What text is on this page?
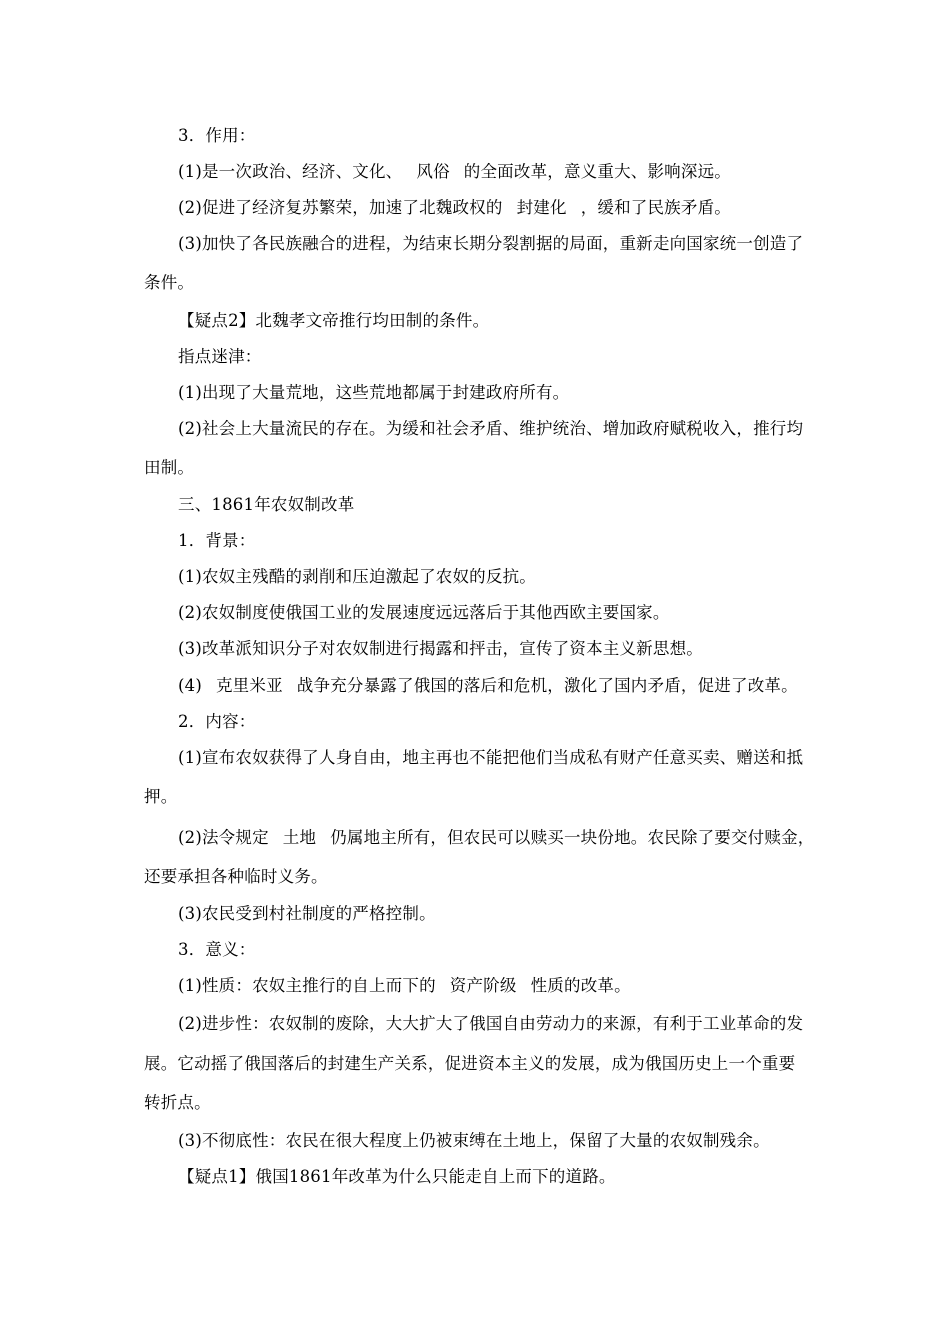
3．作用：
(1)是一次政治、经济、文化、 风俗 的全面改革，意义重大、影响深远。
(2)促进了经济复苏繁荣，加速了北魏政权的 封建化 ，缓和了民族矛盾。
(3)加快了各民族融合的进程，为结束长期分裂割据的局面，重新走向国家统一创造了
条件。
【疑点2】北魏孝文帝推行均田制的条件。
指点迷津：
(1)出现了大量荒地，这些荒地都属于封建政府所有。
(2)社会上大量流民的存在。为缓和社会矛盾、维护统治、增加政府赋税收入，推行均
田制。
三、1861年农奴制改革
1．背景：
(1)农奴主残酷的剥削和压迫激起了农奴的反抗。
(2)农奴制度使俄国工业的发展速度远远落后于其他西欧主要国家。
(3)改革派知识分子对农奴制进行揭露和抨击，宣传了资本主义新思想。
(4) 克里米亚 战争充分暴露了俄国的落后和危机，激化了国内矛盾，促进了改革。
2．内容：
(1)宣布农奴获得了人身自由，地主再也不能把他们当成私有财产任意买卖、赠送和抵
押。
(2)法令规定 土地 仍属地主所有，但农民可以赎买一块份地。农民除了要交付赎金，
还要承担各种临时义务。
(3)农民受到村社制度的严格控制。
3．意义：
(1)性质：农奴主推行的自上而下的 资产阶级 性质的改革。
(2)进步性：农奴制的废除，大大扩大了俄国自由劳动力的来源，有利于工业革命的发
展。它动摇了俄国落后的封建生产关系，促进资本主义的发展，成为俄国历史上一个重要
转折点。
(3)不彻底性：农民在很大程度上仍被束缚在土地上，保留了大量的农奴制残余。
【疑点1】俄国1861年改革为什么只能走自上而下的道路。
